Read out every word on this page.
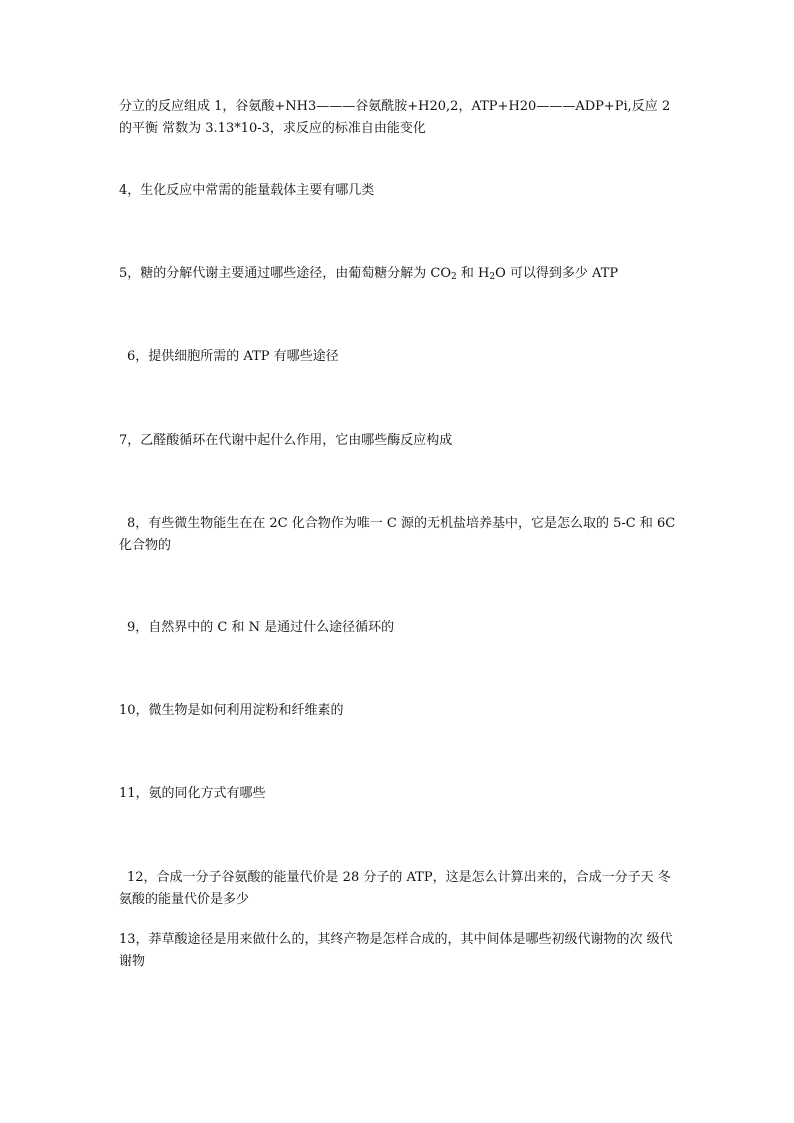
分立的反应组成 1，谷氨酸+NH3———谷氨酰胺+H20,2，ATP+H20———ADP+Pi,反应 2 的平衡 常数为 3.13*10-3，求反应的标准自由能变化

4，生化反应中常需的能量载体主要有哪几类

5，糖的分解代谢主要通过哪些途径，由葡萄糖分解为 $CO_2$ 和 $H_2O$ 可以得到多少 ATP

6，提供细胞所需的 ATP 有哪些途径

7，乙醛酸循环在代谢中起什么作用，它由哪些酶反应构成

8，有些微生物能生在在 2C 化合物作为唯一 C 源的无机盐培养基中，它是怎么取的 5-C 和 6C 化合物的

9，自然界中的 C 和 N 是通过什么途径循环的

10，微生物是如何利用淀粉和纤维素的

11，氨的同化方式有哪些

12，合成一分子谷氨酸的能量代价是 28 分子的 ATP，这是怎么计算出来的，合成一分子天 冬氨酸的能量代价是多少

13，莽草酸途径是用来做什么的，其终产物是怎样合成的，其中间体是哪些初级代谢物的次 级代谢物
